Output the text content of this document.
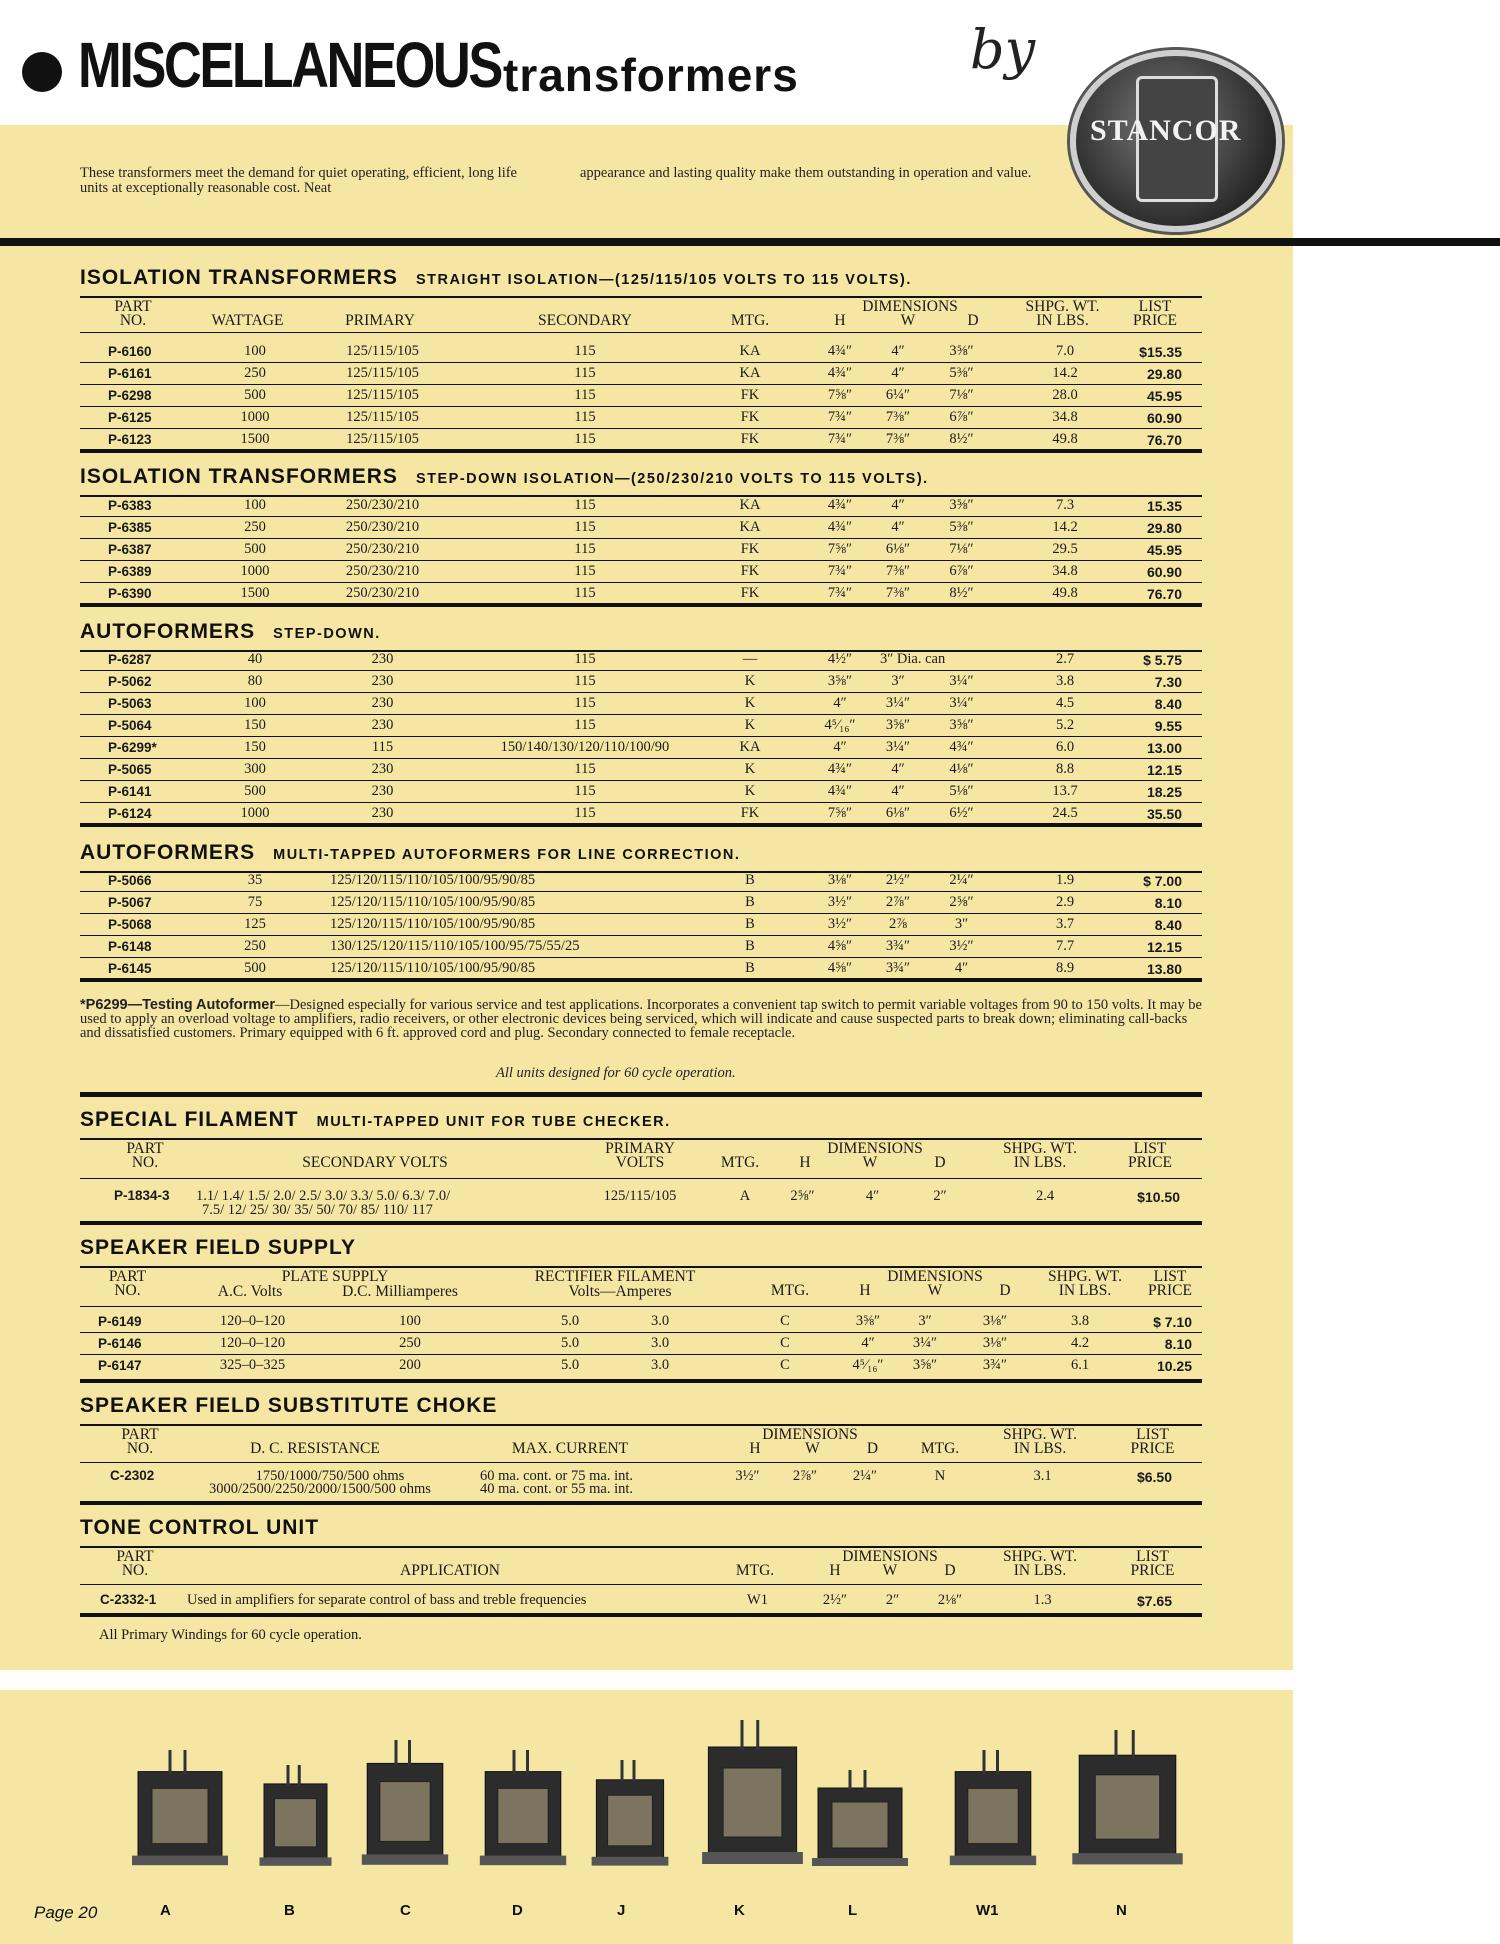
MISCELLANEOUS transformers	by
STANCOR
These transformers meet the demand for quiet operating, efficient, long life units at exceptionally reasonable cost. Neat
appearance and lasting quality make them outstanding in operation and value.
ISOLATION TRANSFORMERS STRAIGHT ISOLATION—(125/115/105 VOLTS TO 115 VOLTS).
PART
NO.	WATTAGE	PRIMARY	SECONDARY	MTG.
DIMENSIONS
H	W	D
SHPG. WT.
IN LBS.
LIST
PRICE
P-6160	100	125/115/105	115	KA	4¾″	4″	3⅝″	7.0	$15.35
P-6161	250	125/115/105	115	KA	4¾″	4″	5⅜″	14.2	29.80
P-6298	500	125/115/105	115	FK	7⅝″	6¼″	7⅛″	28.0	45.95
P-6125	1000	125/115/105	115	FK	7¾″	7⅜″	6⅞″	34.8	60.90
P-6123	1500	125/115/105	115	FK	7¾″	7⅜″	8½″	49.8	76.70
ISOLATION TRANSFORMERS STEP-DOWN ISOLATION—(250/230/210 VOLTS TO 115 VOLTS).
P-6383	100	250/230/210	115	KA	4¾″	4″	3⅝″	7.3	15.35
P-6385	250	250/230/210	115	KA	4¾″	4″	5⅜″	14.2	29.80
P-6387	500	250/230/210	115	FK	7⅝″	6⅛″	7⅛″	29.5	45.95
P-6389	1000	250/230/210	115	FK	7¾″	7⅜″	6⅞″	34.8	60.90
P-6390	1500	250/230/210	115	FK	7¾″	7⅜″	8½″	49.8	76.70
AUTOFORMERS STEP-DOWN.
P-6287	40	230	115	—	4½″	3″ Dia. can	2.7	$ 5.75
P-5062	80	230	115	K	3⅝″	3″	3¼″	3.8	7.30
P-5063	100	230	115	K	4″	3¼″	3¼″	4.5	8.40
P-5064	150	230	115	K	4⁵⁄₁₆″	3⅝″	3⅝″	5.2	9.55
P-6299*	150	115	150/140/130/120/110/100/90	KA	4″	3¼″	4¾″	6.0	13.00
P-5065	300	230	115	K	4¾″	4″	4⅛″	8.8	12.15
P-6141	500	230	115	K	4¾″	4″	5⅛″	13.7	18.25
P-6124	1000	230	115	FK	7⅝″	6⅛″	6½″	24.5	35.50
AUTOFORMERS MULTI-TAPPED AUTOFORMERS FOR LINE CORRECTION.
P-5066	35	125/120/115/110/105/100/95/90/85	B	3⅛″	2½″	2¼″	1.9	$ 7.00
P-5067	75	125/120/115/110/105/100/95/90/85	B	3½″	2⅞″	2⅝″	2.9	8.10
P-5068	125	125/120/115/110/105/100/95/90/85	B	3½″	2⅞	3″	3.7	8.40
P-6148	250	130/125/120/115/110/105/100/95/75/55/25	B	4⅝″	3¾″	3½″	7.7	12.15
P-6145	500	125/120/115/110/105/100/95/90/85	B	4⅝″	3¾″	4″	8.9	13.80
*P6299—Testing Autoformer—Designed especially for various service and test applications. Incorporates a convenient tap switch to permit variable voltages from 90 to 150 volts. It may be used to apply an overload voltage to amplifiers, radio receivers, or other electronic devices being serviced, which will indicate and cause suspected parts to break down; eliminating call-backs and dissatisfied customers. Primary equipped with 6 ft. approved cord and plug. Secondary connected to female receptacle.
All units designed for 60 cycle operation.
SPECIAL FILAMENT MULTI-TAPPED UNIT FOR TUBE CHECKER.
PART
NO.	SECONDARY VOLTS
PRIMARY
VOLTS	MTG.
DIMENSIONS
H	W	D
SHPG. WT.
IN LBS.
LIST
PRICE
P-1834-3	1.1/ 1.4/ 1.5/ 2.0/ 2.5/ 3.0/ 3.3/ 5.0/ 6.3/ 7.0/
7.5/ 12/ 25/ 30/ 35/ 50/ 70/ 85/ 110/ 117
125/115/105	A	2⅝″	4″	2″	2.4	$10.50
SPEAKER FIELD SUPPLY
PART
NO.
PLATE SUPPLY
A.C. Volts	D.C. Milliamperes
RECTIFIER FILAMENT
Volts—Amperes	MTG.
DIMENSIONS
H	W	D
SHPG. WT.
IN LBS.
LIST
PRICE
P-6149	120–0–120	100	5.0	3.0	C	3⅝″	3″	3⅛″	3.8	$ 7.10
P-6146	120–0–120	250	5.0	3.0	C	4″	3¼″	3⅛″	4.2	8.10
P-6147	325–0–325	200	5.0	3.0	C	4⁵⁄₁₆″	3⅝″	3¾″	6.1	10.25
SPEAKER FIELD SUBSTITUTE CHOKE
PART
NO.	D. C. RESISTANCE	MAX. CURRENT
DIMENSIONS
H	W	D	MTG.
SHPG. WT.
IN LBS.
LIST
PRICE
C-2302	1750/1000/750/500 ohms
3000/2500/2250/2000/1500/500 ohms
60 ma. cont. or 75 ma. int.
40 ma. cont. or 55 ma. int.
3½″	2⅞″	2¼″	N	3.1	$6.50
TONE CONTROL UNIT
PART
NO.	APPLICATION	MTG.
DIMENSIONS
H	W	D
SHPG. WT.
IN LBS.
LIST
PRICE
C-2332-1	Used in amplifiers for separate control of bass and treble frequencies	W1	2½″	2″	2⅛″	1.3	$7.65
All Primary Windings for 60 cycle operation.
A	B	C	D	J	K	L	W1	N
Page 20
